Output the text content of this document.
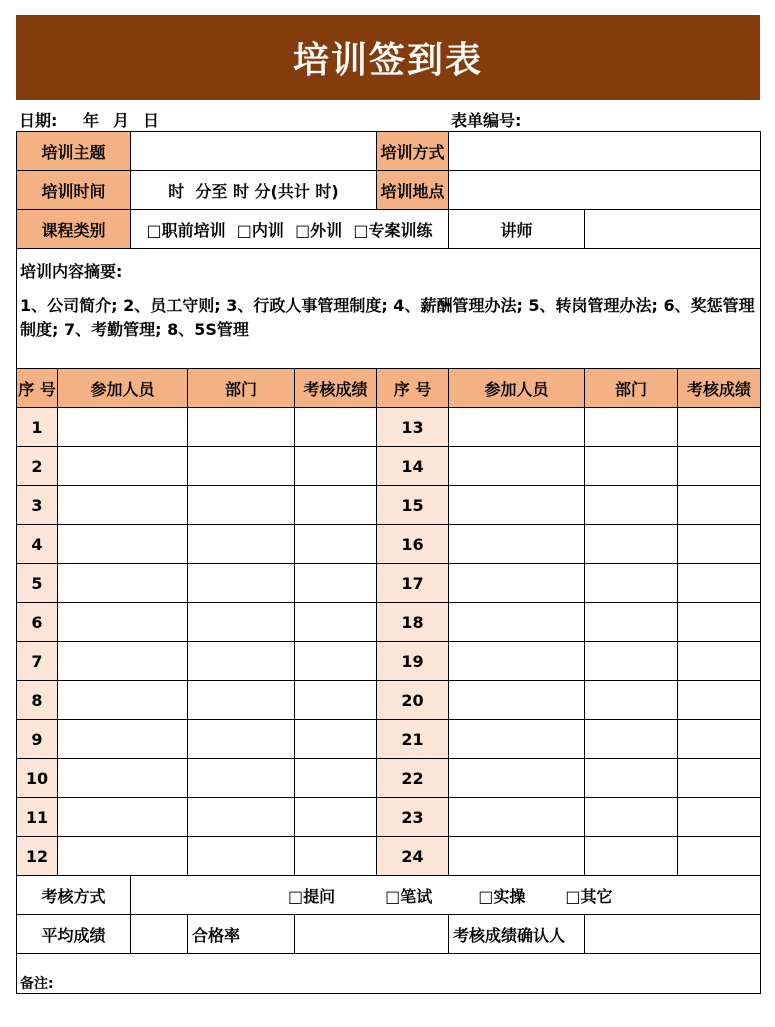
培训签到表
日期: 年 月 日	表单编号:
培训主题					培训方式			
培训时间		时  分至 时 分(共计 时)			培训地点			
课程类别		□职前培训 □内训 □外训 □专案训练				讲师		

培训内容摘要:
1、公司简介; 2、员工守则; 3、行政人事管理制度; 4、薪酬管理办法; 5、转岗管理办法; 6、奖惩管理制度; 7、考勤管理; 8、5S管理								

序 号	参加人员		部门	考核成绩	序 号	参加人员	部门	考核成绩
1					13			
2					14			
3					15			
4					16			
5					17			
6					18			
7					19			
8					20			
9					21			
10					22			
11					23			
12					24			
考核方式		□提问 □笔试 □实操 □其它						
平均成绩			合格率			考核成绩确认人		
备注:								
